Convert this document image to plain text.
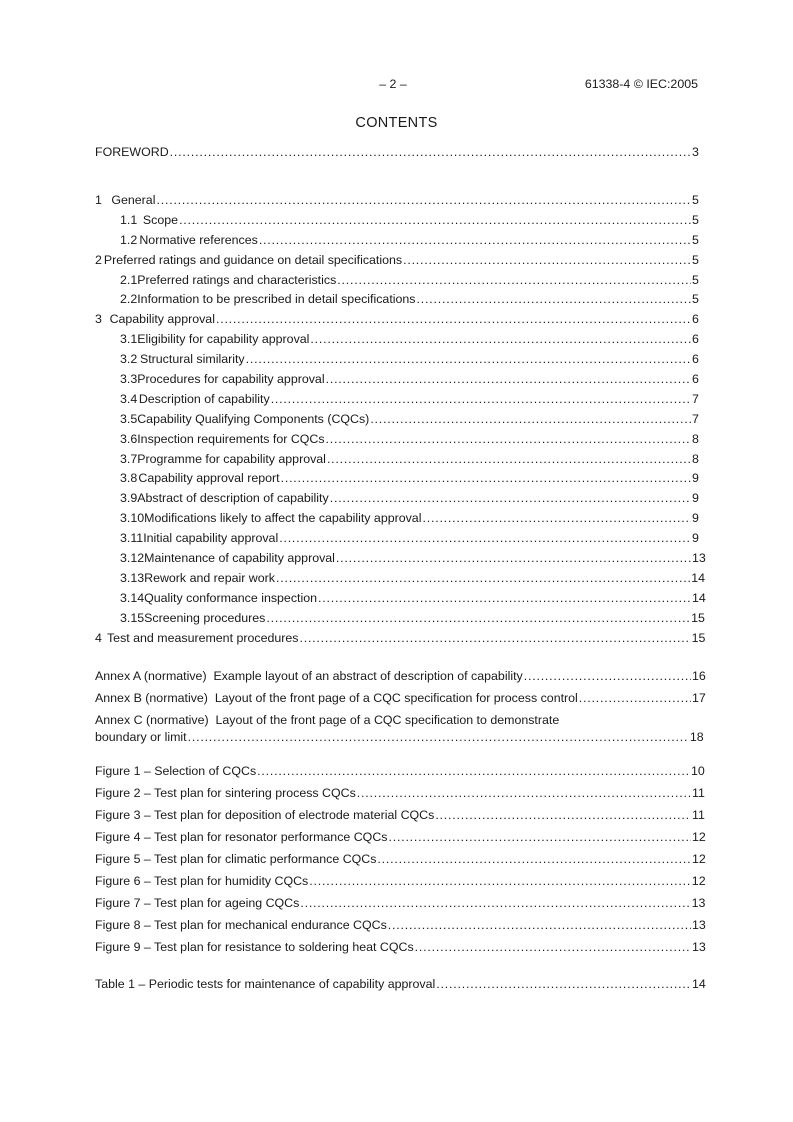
– 2 –	61338-4 © IEC:2005
CONTENTS
FOREWORD .....	3
1 General .....	5
1.1 Scope .....	5
1.2 Normative references .....	5
2 Preferred ratings and guidance on detail specifications .....	5
2.1 Preferred ratings and characteristics .....	5
2.2 Information to be prescribed in detail specifications .....	5
3 Capability approval .....	6
3.1 Eligibility for capability approval .....	6
3.2 Structural similarity .....	6
3.3 Procedures for capability approval .....	6
3.4 Description of capability .....	7
3.5 Capability Qualifying Components (CQCs) .....	7
3.6 Inspection requirements for CQCs .....	8
3.7 Programme for capability approval .....	8
3.8 Capability approval report .....	9
3.9 Abstract of description of capability .....	9
3.10 Modifications likely to affect the capability approval .....	9
3.11 Initial capability approval .....	9
3.12 Maintenance of capability approval .....	13
3.13 Rework and repair work .....	14
3.14 Quality conformance inspection .....	14
3.15 Screening procedures .....	15
4 Test and measurement procedures .....	15
Annex A (normative)
Example layout of an abstract of description of capability .....	16
Annex B (normative)
Layout of the front page of a CQC specification for process control .....	17
Annex C (normative) Layout of the front page of a CQC specification to demonstrate
boundary or limit .....	18
Figure 1 – Selection of CQCs .....	10
Figure 2 – Test plan for sintering process CQCs .....	11
Figure 3 – Test plan for deposition of electrode material CQCs .....	11
Figure 4 – Test plan for resonator performance CQCs .....	12
Figure 5 – Test plan for climatic performance CQCs .....	12
Figure 6 – Test plan for humidity CQCs .....	12
Figure 7 – Test plan for ageing CQCs .....	13
Figure 8 – Test plan for mechanical endurance CQCs .....	13
Figure 9 – Test plan for resistance to soldering heat CQCs .....	13
Table 1 – Periodic tests for maintenance of capability approval .....	14
